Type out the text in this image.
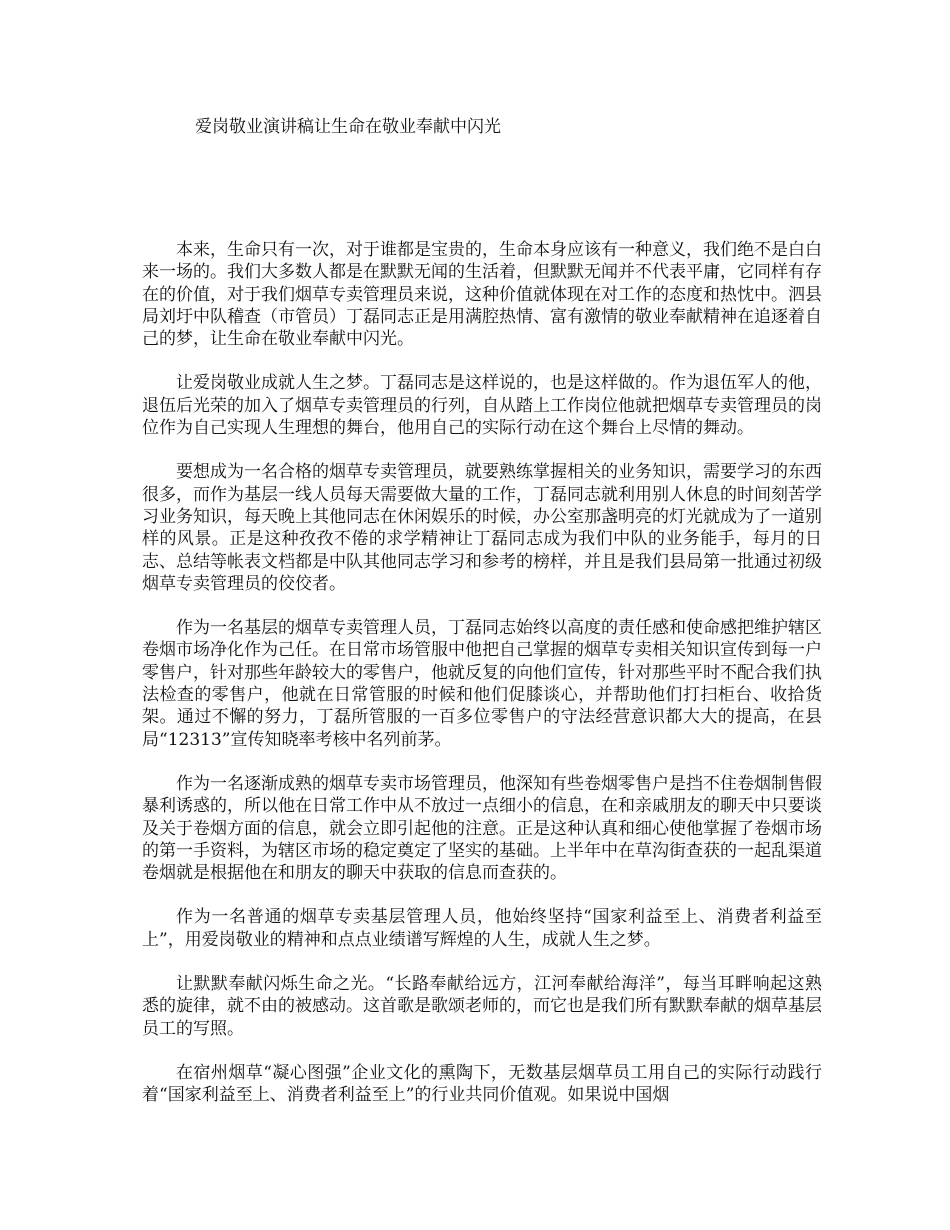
爱岗敬业演讲稿让生命在敬业奉献中闪光

本来，生命只有一次，对于谁都是宝贵的，生命本身应该有一种意义，我们绝不是白白来一场的。我们大多数人都是在默默无闻的生活着，但默默无闻并不代表平庸，它同样有存在的价值，对于我们烟草专卖管理员来说，这种价值就体现在对工作的态度和热忱中。泗县局刘圩中队稽查（市管员）丁磊同志正是用满腔热情、富有激情的敬业奉献精神在追逐着自己的梦，让生命在敬业奉献中闪光。

让爱岗敬业成就人生之梦。丁磊同志是这样说的，也是这样做的。作为退伍军人的他，退伍后光荣的加入了烟草专卖管理员的行列，自从踏上工作岗位他就把烟草专卖管理员的岗位作为自己实现人生理想的舞台，他用自己的实际行动在这个舞台上尽情的舞动。

要想成为一名合格的烟草专卖管理员，就要熟练掌握相关的业务知识，需要学习的东西很多，而作为基层一线人员每天需要做大量的工作，丁磊同志就利用别人休息的时间刻苦学习业务知识，每天晚上其他同志在休闲娱乐的时候，办公室那盏明亮的灯光就成为了一道别样的风景。正是这种孜孜不倦的求学精神让丁磊同志成为我们中队的业务能手，每月的日志、总结等帐表文档都是中队其他同志学习和参考的榜样，并且是我们县局第一批通过初级烟草专卖管理员的佼佼者。

作为一名基层的烟草专卖管理人员，丁磊同志始终以高度的责任感和使命感把维护辖区卷烟市场净化作为己任。在日常市场管服中他把自己掌握的烟草专卖相关知识宣传到每一户零售户，针对那些年龄较大的零售户，他就反复的向他们宣传，针对那些平时不配合我们执法检查的零售户，他就在日常管服的时候和他们促膝谈心，并帮助他们打扫柜台、收拾货架。通过不懈的努力，丁磊所管服的一百多位零售户的守法经营意识都大大的提高，在县局“12313”宣传知晓率考核中名列前茅。

作为一名逐渐成熟的烟草专卖市场管理员，他深知有些卷烟零售户是挡不住卷烟制售假暴利诱惑的，所以他在日常工作中从不放过一点细小的信息，在和亲戚朋友的聊天中只要谈及关于卷烟方面的信息，就会立即引起他的注意。正是这种认真和细心使他掌握了卷烟市场的第一手资料，为辖区市场的稳定奠定了坚实的基础。上半年中在草沟街查获的一起乱渠道卷烟就是根据他在和朋友的聊天中获取的信息而查获的。

作为一名普通的烟草专卖基层管理人员，他始终坚持“国家利益至上、消费者利益至上”，用爱岗敬业的精神和点点业绩谱写辉煌的人生，成就人生之梦。

让默默奉献闪烁生命之光。“长路奉献给远方，江河奉献给海洋”，每当耳畔响起这熟悉的旋律，就不由的被感动。这首歌是歌颂老师的，而它也是我们所有默默奉献的烟草基层员工的写照。

在宿州烟草“凝心图强”企业文化的熏陶下，无数基层烟草员工用自己的实际行动践行着“国家利益至上、消费者利益至上”的行业共同价值观。如果说中国烟
